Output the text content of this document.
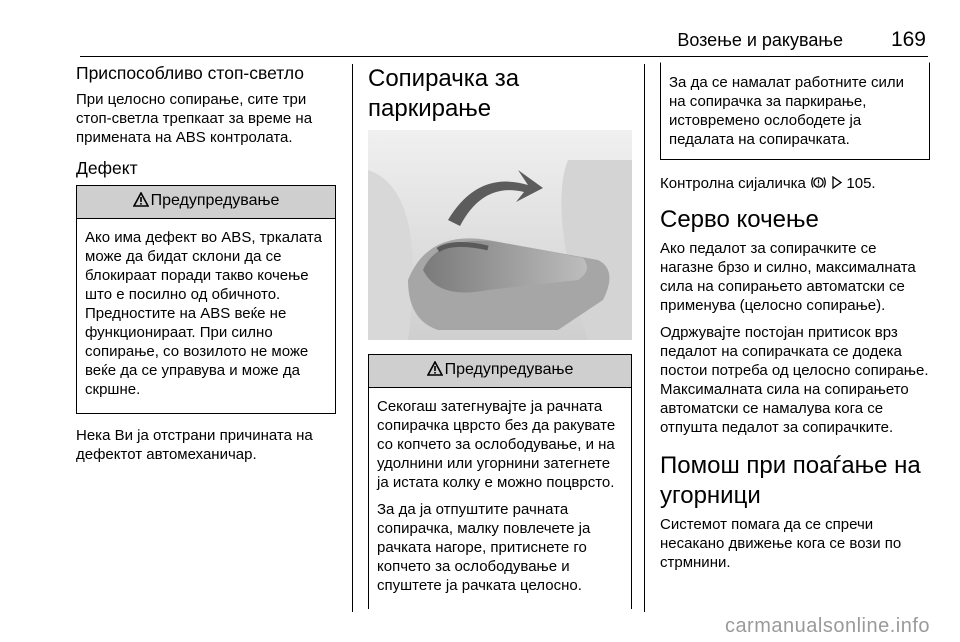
Возење и ракување 169
Приспособливо стоп-светло

При целосно сопирање, сите три стоп-светла трепкаат за време на примената на ABS контролата.

Дефект
Предупредување

Ако има дефект во ABS, тркалата може да бидат склони да се блокираат поради такво кочење што е посилно од обичното. Предностите на ABS веќе не функционираат. При силно сопирање, со возилото не може веќе да се управува и може да скршне.

Нека Ви ја отстрани причината на дефектот автомеханичар.

Сопирачка за паркирање
Предупредување

Секогаш затегнувајте ја рачната сопирачка цврсто без да ракувате со копчето за ослободување, и на удолнини или угорнини затегнете ја истата колку е можно поцврсто.

За да ја отпуштите рачната сопирачка, малку повлечете ја рачката нагоре, притиснете го копчето за ослободување и спуштете ја рачката целосно.

За да се намалат работните сили на сопирачка за паркирање, истовремено ослободете ја педалата на сопирачката.

Контролна сијаличка	105.

Серво кочење

Ако педалот за сопирачките се нагазне брзо и силно, максималната сила на сопирањето автоматски се применува (целосно сопирање).

Одржувајте постојан притисок врз педалот на сопирачката се додека постои потреба од целосно сопирање. Максималната сила на сопирањето автоматски се намалува кога се отпушта педалот за сопирачките.

Помош при поаѓање на угорници

Системот помага да се спречи несакано движење кога се вози по стрмнини.

carmanualsonline.info
